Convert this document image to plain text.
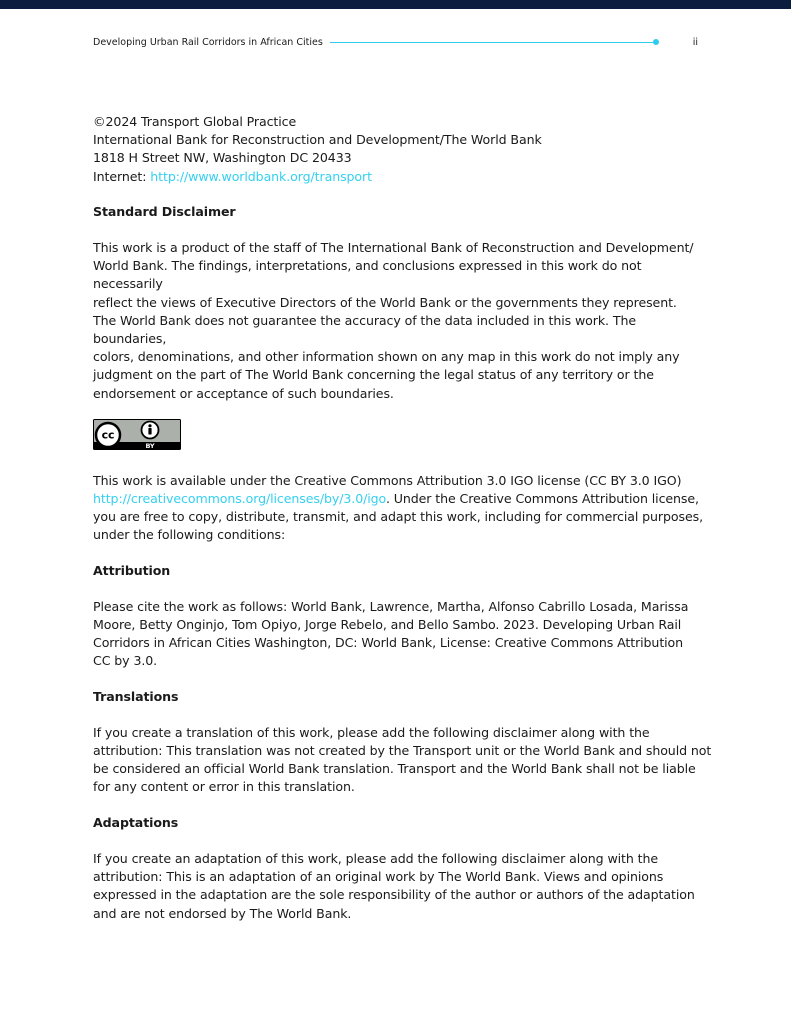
Developing Urban Rail Corridors in African Cities	ii

©2024 Transport Global Practice

International Bank for Reconstruction and Development/The World Bank

1818 H Street NW, Washington DC 20433

Internet: http://www.worldbank.org/transport

Standard Disclaimer

This work is a product of the staff of The International Bank of Reconstruction and Development/

World Bank. The findings, interpretations, and conclusions expressed in this work do not necessarily

reflect the views of Executive Directors of the World Bank or the governments they represent.

The World Bank does not guarantee the accuracy of the data included in this work. The boundaries,

colors, denominations, and other information shown on any map in this work do not imply any

judgment on the part of The World Bank concerning the legal status of any territory or the

endorsement or acceptance of such boundaries.

cc
BY

This work is available under the Creative Commons Attribution 3.0 IGO license (CC BY 3.0 IGO)

http://creativecommons.org/licenses/by/3.0/igo. Under the Creative Commons Attribution license,

you are free to copy, distribute, transmit, and adapt this work, including for commercial purposes,

under the following conditions:

Attribution

Please cite the work as follows: World Bank, Lawrence, Martha, Alfonso Cabrillo Losada, Marissa

Moore, Betty Onginjo, Tom Opiyo, Jorge Rebelo, and Bello Sambo. 2023. Developing Urban Rail

Corridors in African Cities Washington, DC: World Bank, License: Creative Commons Attribution

CC by 3.0.

Translations

If you create a translation of this work, please add the following disclaimer along with the

attribution: This translation was not created by the Transport unit or the World Bank and should not

be considered an official World Bank translation. Transport and the World Bank shall not be liable

for any content or error in this translation.

Adaptations

If you create an adaptation of this work, please add the following disclaimer along with the

attribution: This is an adaptation of an original work by The World Bank. Views and opinions

expressed in the adaptation are the sole responsibility of the author or authors of the adaptation

and are not endorsed by The World Bank.
